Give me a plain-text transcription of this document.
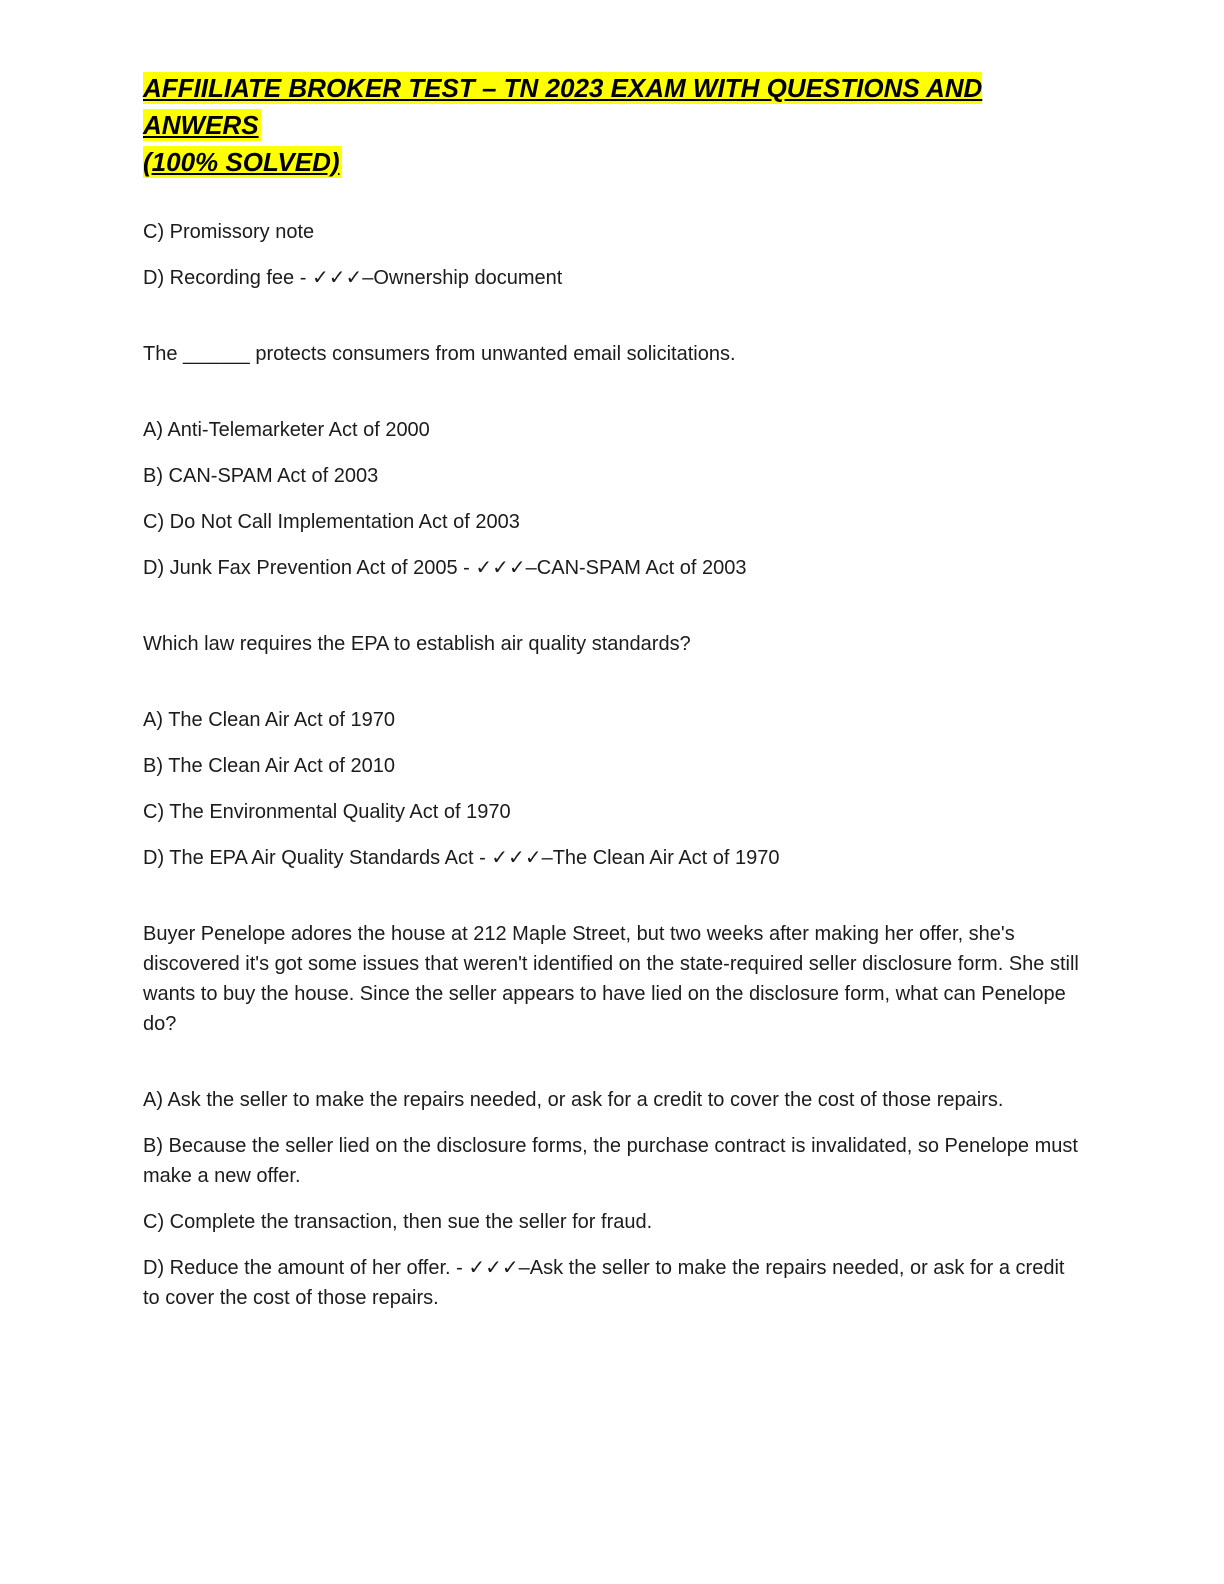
AFFIILIATE BROKER TEST – TN 2023 EXAM WITH QUESTIONS AND ANWERS
(100% SOLVED)

C) Promissory note

D) Recording fee - ✓✓✓–Ownership document

The ______ protects consumers from unwanted email solicitations.

A) Anti-Telemarketer Act of 2000

B) CAN-SPAM Act of 2003

C) Do Not Call Implementation Act of 2003

D) Junk Fax Prevention Act of 2005 - ✓✓✓–CAN-SPAM Act of 2003

Which law requires the EPA to establish air quality standards?

A) The Clean Air Act of 1970

B) The Clean Air Act of 2010

C) The Environmental Quality Act of 1970

D) The EPA Air Quality Standards Act - ✓✓✓–The Clean Air Act of 1970

Buyer Penelope adores the house at 212 Maple Street, but two weeks after making her offer, she's discovered it's got some issues that weren't identified on the state-required seller disclosure form. She still wants to buy the house. Since the seller appears to have lied on the disclosure form, what can Penelope do?

A) Ask the seller to make the repairs needed, or ask for a credit to cover the cost of those repairs.

B) Because the seller lied on the disclosure forms, the purchase contract is invalidated, so Penelope must make a new offer.

C) Complete the transaction, then sue the seller for fraud.

D) Reduce the amount of her offer. - ✓✓✓–Ask the seller to make the repairs needed, or ask for a credit to cover the cost of those repairs.
